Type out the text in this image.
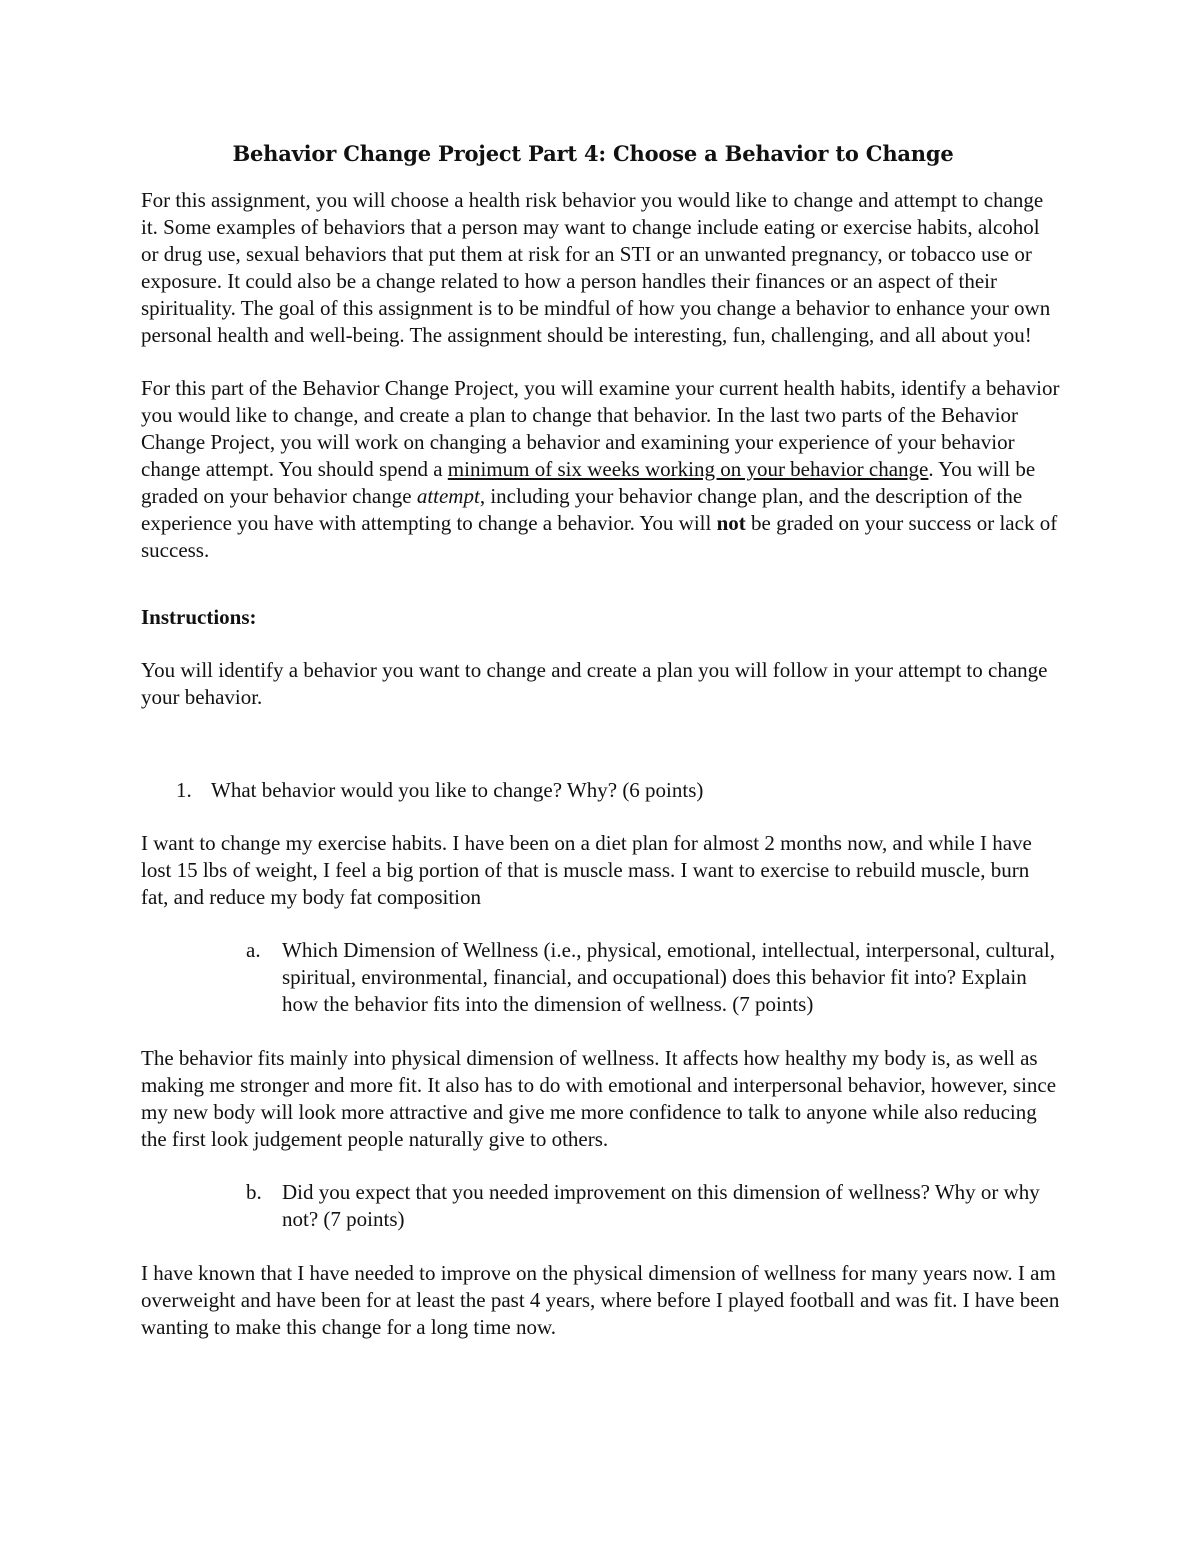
Behavior Change Project Part 4: Choose a Behavior to Change

For this assignment, you will choose a health risk behavior you would like to change and attempt to change it. Some examples of behaviors that a person may want to change include eating or exercise habits, alcohol or drug use, sexual behaviors that put them at risk for an STI or an unwanted pregnancy, or tobacco use or exposure. It could also be a change related to how a person handles their finances or an aspect of their spirituality. The goal of this assignment is to be mindful of how you change a behavior to enhance your own personal health and well-being. The assignment should be interesting, fun, challenging, and all about you!

For this part of the Behavior Change Project, you will examine your current health habits, identify a behavior you would like to change, and create a plan to change that behavior. In the last two parts of the Behavior Change Project, you will work on changing a behavior and examining your experience of your behavior change attempt. You should spend a minimum of six weeks working on your behavior change. You will be graded on your behavior change attempt, including your behavior change plan, and the description of the experience you have with attempting to change a behavior. You will not be graded on your success or lack of success.

Instructions:

You will identify a behavior you want to change and create a plan you will follow in your attempt to change your behavior.

1. What behavior would you like to change? Why? (6 points)

I want to change my exercise habits. I have been on a diet plan for almost 2 months now, and while I have lost 15 lbs of weight, I feel a big portion of that is muscle mass. I want to exercise to rebuild muscle, burn fat, and reduce my body fat composition

a. Which Dimension of Wellness (i.e., physical, emotional, intellectual, interpersonal, cultural, spiritual, environmental, financial, and occupational) does this behavior fit into? Explain how the behavior fits into the dimension of wellness. (7 points)

The behavior fits mainly into physical dimension of wellness. It affects how healthy my body is, as well as making me stronger and more fit. It also has to do with emotional and interpersonal behavior, however, since my new body will look more attractive and give me more confidence to talk to anyone while also reducing the first look judgement people naturally give to others.

b. Did you expect that you needed improvement on this dimension of wellness? Why or why not? (7 points)

I have known that I have needed to improve on the physical dimension of wellness for many years now. I am overweight and have been for at least the past 4 years, where before I played football and was fit. I have been wanting to make this change for a long time now.
